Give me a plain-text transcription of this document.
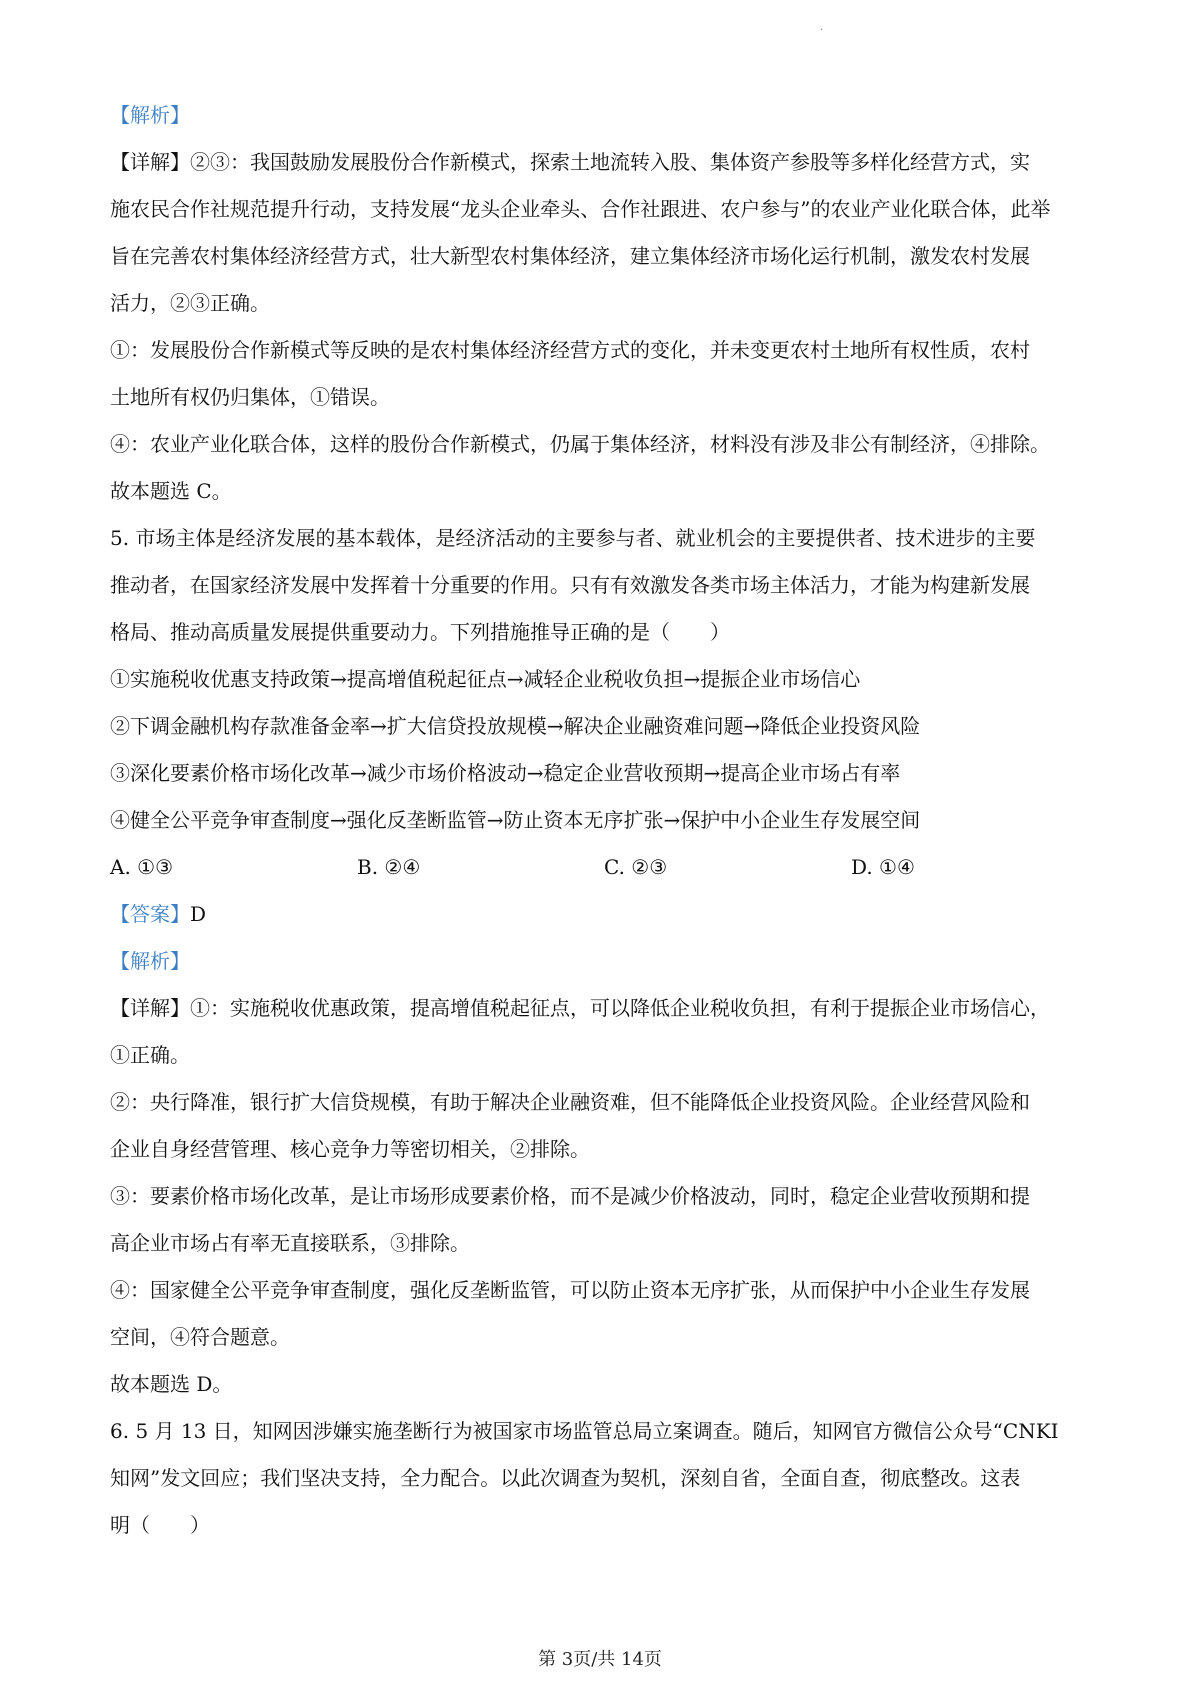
.
【解析】
【详解】②③：我国鼓励发展股份合作新模式，探索土地流转入股、集体资产参股等多样化经营方式，实
施农民合作社规范提升行动，支持发展“龙头企业牵头、合作社跟进、农户参与”的农业产业化联合体，此举
旨在完善农村集体经济经营方式，壮大新型农村集体经济，建立集体经济市场化运行机制，激发农村发展
活力，②③正确。
①：发展股份合作新模式等反映的是农村集体经济经营方式的变化，并未变更农村土地所有权性质，农村
土地所有权仍归集体，①错误。
④：农业产业化联合体，这样的股份合作新模式，仍属于集体经济，材料没有涉及非公有制经济，④排除。
故本题选 C。
5. 市场主体是经济发展的基本载体，是经济活动的主要参与者、就业机会的主要提供者、技术进步的主要
推动者，在国家经济发展中发挥着十分重要的作用。只有有效激发各类市场主体活力，才能为构建新发展
格局、推动高质量发展提供重要动力。下列措施推导正确的是（　　）
①实施税收优惠支持政策→提高增值税起征点→减轻企业税收负担→提振企业市场信心
②下调金融机构存款准备金率→扩大信贷投放规模→解决企业融资难问题→降低企业投资风险
③深化要素价格市场化改革→减少市场价格波动→稳定企业营收预期→提高企业市场占有率
④健全公平竞争审查制度→强化反垄断监管→防止资本无序扩张→保护中小企业生存发展空间
A. ①③	B. ②④	C. ②③	D. ①④
【答案】D
【解析】
【详解】①：实施税收优惠政策，提高增值税起征点，可以降低企业税收负担，有利于提振企业市场信心，
①正确。
②：央行降准，银行扩大信贷规模，有助于解决企业融资难，但不能降低企业投资风险。企业经营风险和
企业自身经营管理、核心竞争力等密切相关，②排除。
③：要素价格市场化改革，是让市场形成要素价格，而不是减少价格波动，同时，稳定企业营收预期和提
高企业市场占有率无直接联系，③排除。
④：国家健全公平竞争审查制度，强化反垄断监管，可以防止资本无序扩张，从而保护中小企业生存发展
空间，④符合题意。
故本题选 D。
6. 5 月 13 日，知网因涉嫌实施垄断行为被国家市场监管总局立案调查。随后，知网官方微信公众号“CNKI
知网”发文回应；我们坚决支持，全力配合。以此次调查为契机，深刻自省，全面自查，彻底整改。这表
明（　　）
第 3页/共 14页
